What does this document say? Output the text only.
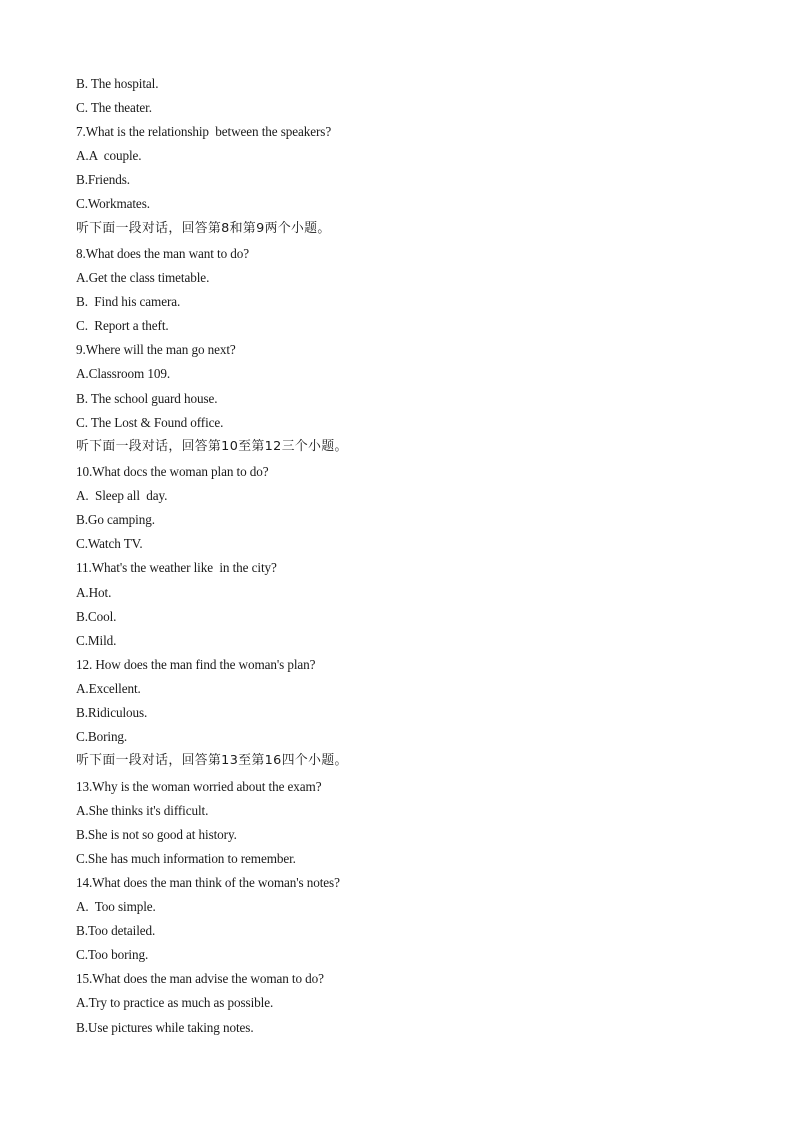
B. The hospital.
C. The theater.
7.What is the relationship  between the speakers?
A.A  couple.
B.Friends.
C.Workmates.
听下面一段对话，回答第8和第9两个小题。
8.What does the man want to do?
A.Get the class timetable.
B.  Find his camera.
C.  Report a theft.
9.Where will the man go next?
A.Classroom 109.
B. The school guard house.
C. The Lost & Found office.
听下面一段对话，回答第10至第12三个小题。
10.What docs the woman plan to do?
A.  Sleep all  day.
B.Go camping.
C.Watch TV.
11.What's the weather like  in the city?
A.Hot.
B.Cool.
C.Mild.
12. How does the man find the woman's plan?
A.Excellent.
B.Ridiculous.
C.Boring.
听下面一段对话，回答第13至第16四个小题。
13.Why is the woman worried about the exam?
A.She thinks it's difficult.
B.She is not so good at history.
C.She has much information to remember.
14.What does the man think of the woman's notes?
A.  Too simple.
B.Too detailed.
C.Too boring.
15.What does the man advise the woman to do?
A.Try to practice as much as possible.
B.Use pictures while taking notes.
